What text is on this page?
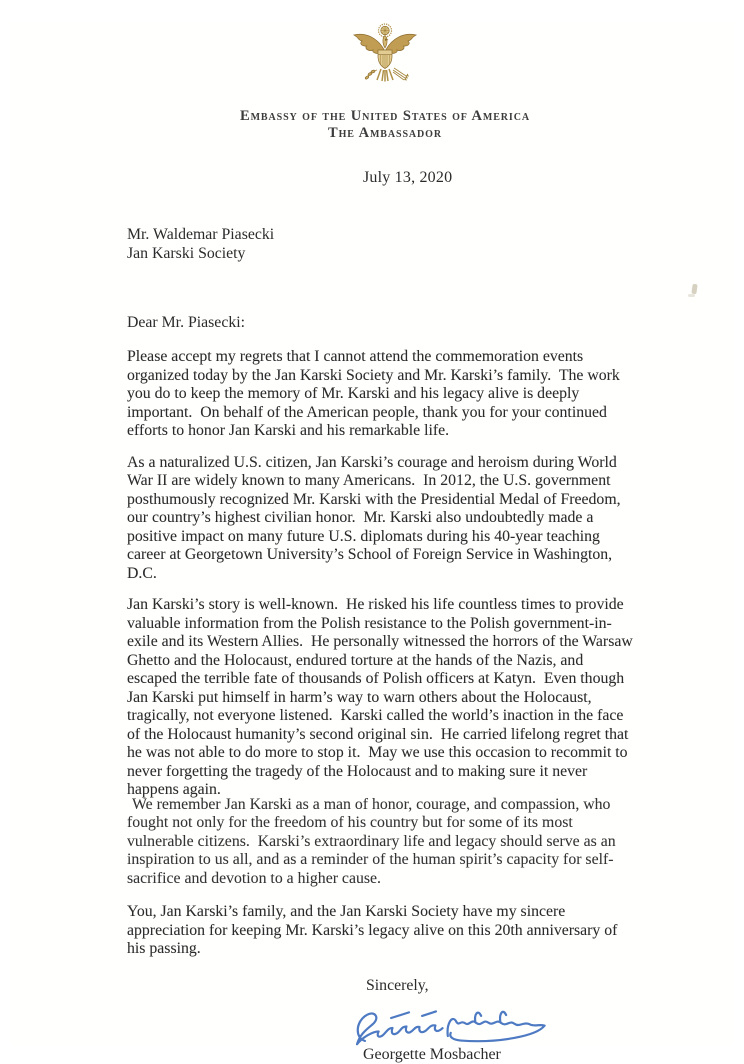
Embassy of the United States of America
The Ambassador
July 13, 2020
Mr. Waldemar Piasecki
Jan Karski Society
Dear Mr. Piasecki:

Please accept my regrets that I cannot attend the commemoration events organized today by the Jan Karski Society and Mr. Karski’s family.  The work you do to keep the memory of Mr. Karski and his legacy alive is deeply important.  On behalf of the American people, thank you for your continued efforts to honor Jan Karski and his remarkable life.

As a naturalized U.S. citizen, Jan Karski’s courage and heroism during World War II are widely known to many Americans.  In 2012, the U.S. government posthumously recognized Mr. Karski with the Presidential Medal of Freedom, our country’s highest civilian honor.  Mr. Karski also undoubtedly made a positive impact on many future U.S. diplomats during his 40-year teaching career at Georgetown University’s School of Foreign Service in Washington, D.C.

Jan Karski’s story is well-known.  He risked his life countless times to provide valuable information from the Polish resistance to the Polish government-in-exile and its Western Allies.  He personally witnessed the horrors of the Warsaw Ghetto and the Holocaust, endured torture at the hands of the Nazis, and escaped the terrible fate of thousands of Polish officers at Katyn.  Even though Jan Karski put himself in harm’s way to warn others about the Holocaust, tragically, not everyone listened.  Karski called the world’s inaction in the face of the Holocaust humanity’s second original sin.  He carried lifelong regret that he was not able to do more to stop it.  May we use this occasion to recommit to never forgetting the tragedy of the Holocaust and to making sure it never happens again.

We remember Jan Karski as a man of honor, courage, and compassion, who fought not only for the freedom of his country but for some of its most vulnerable citizens.  Karski’s extraordinary life and legacy should serve as an inspiration to us all, and as a reminder of the human spirit’s capacity for self-sacrifice and devotion to a higher cause.

You, Jan Karski’s family, and the Jan Karski Society have my sincere appreciation for keeping Mr. Karski’s legacy alive on this 20th anniversary of his passing.

Sincerely,
Georgette Mosbacher
